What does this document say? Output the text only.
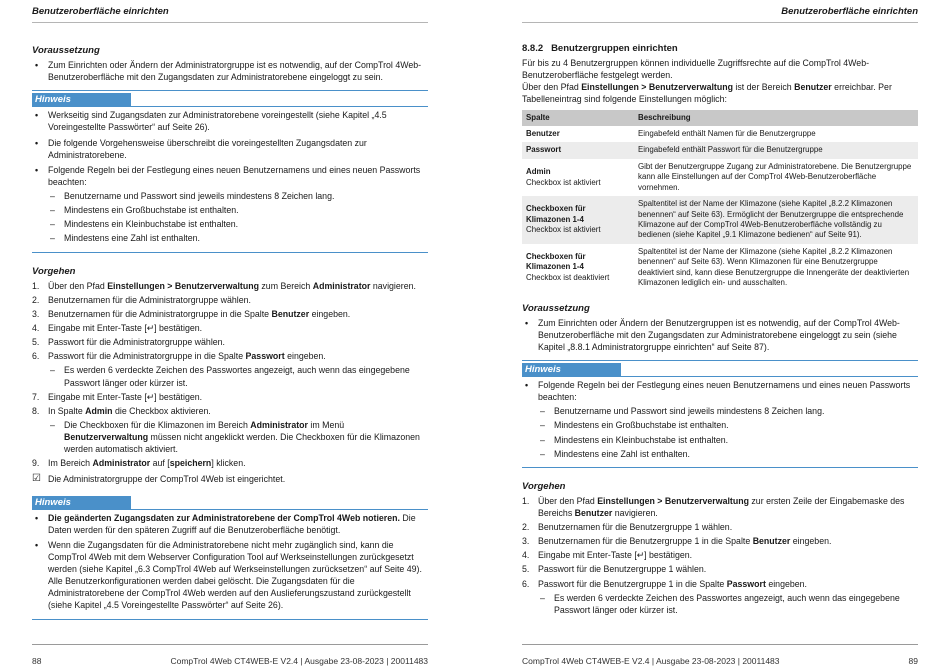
Benutzeroberfläche einrichten
Voraussetzung
• Zum Einrichten oder Ändern der Administratorgruppe ist es notwendig, auf der CompTrol 4Web-Benutzeroberfläche mit den Zugangsdaten zur Administratorebene eingeloggt zu sein.
Hinweis
• Werkseitig sind Zugangsdaten zur Administratorebene voreingestellt (siehe Kapitel „4.5 Voreingestellte Passwörter“ auf Seite 26).
• Die folgende Vorgehensweise überschreibt die voreingestellten Zugangsdaten zur Administratorebene.
• Folgende Regeln bei der Festlegung eines neuen Benutzernamens und eines neuen Passworts beachten:
– Benutzername und Passwort sind jeweils mindestens 8 Zeichen lang.
– Mindestens ein Großbuchstabe ist enthalten.
– Mindestens ein Kleinbuchstabe ist enthalten.
– Mindestens eine Zahl ist enthalten.
Vorgehen
1. Über den Pfad Einstellungen > Benutzerverwaltung zum Bereich Administrator navigieren.
2. Benutzernamen für die Administratorgruppe wählen.
3. Benutzernamen für die Administratorgruppe in die Spalte Benutzer eingeben.
4. Eingabe mit Enter-Taste [↵] bestätigen.
5. Passwort für die Administratorgruppe wählen.
6. Passwort für die Administratorgruppe in die Spalte Passwort eingeben.
– Es werden 6 verdeckte Zeichen des Passwortes angezeigt, auch wenn das eingegebene Passwort länger oder kürzer ist.
7. Eingabe mit Enter-Taste [↵] bestätigen.
8. In Spalte Admin die Checkbox aktivieren.
– Die Checkboxen für die Klimazonen im Bereich Administrator im Menü Benutzerverwaltung müssen nicht angeklickt werden. Die Checkboxen für die Klimazonen werden automatisch aktiviert.
9. Im Bereich Administrator auf [speichern] klicken.
☑ Die Administratorgruppe der CompTrol 4Web ist eingerichtet.
Hinweis
• Die geänderten Zugangsdaten zur Administratorebene der CompTrol 4Web notieren. Die Daten werden für den späteren Zugriff auf die Benutzeroberfläche benötigt.
• Wenn die Zugangsdaten für die Administratorebene nicht mehr zugänglich sind, kann die CompTrol 4Web mit dem Webserver Configuration Tool auf Werkseinstellungen zurückgesetzt werden (siehe Kapitel „6.3 CompTrol 4Web auf Werkseinstellungen zurücksetzen“ auf Seite 49). Alle Benutzerkonfigurationen werden dabei gelöscht. Die Zugangsdaten für die Administratorebene der CompTrol 4Web werden auf den Auslieferungszustand zurückgestellt (siehe Kapitel „4.5 Voreingestellte Passwörter“ auf Seite 26).
88	CompTrol 4Web CT4WEB-E V2.4 | Ausgabe 23-08-2023 | 20011483
Benutzeroberfläche einrichten
8.8.2 Benutzergruppen einrichten
Für bis zu 4 Benutzergruppen können individuelle Zugriffsrechte auf die CompTrol 4Web-Benutzeroberfläche festgelegt werden.
Über den Pfad Einstellungen > Benutzerverwaltung ist der Bereich Benutzer erreichbar. Per Tabelleneintrag sind folgende Einstellungen möglich:
Spalte	Beschreibung
Benutzer	Eingabefeld enthält Namen für die Benutzergruppe
Passwort	Eingabefeld enthält Passwort für die Benutzergruppe

Admin
Checkbox ist aktiviert	Gibt der Benutzergruppe Zugang zur Administratorebene. Die Benutzergruppe kann alle Einstellungen auf der CompTrol 4Web-Benutzeroberfläche vornehmen.

Checkboxen für Klimazonen 1-4
Checkbox ist aktiviert	Spaltentitel ist der Name der Klimazone (siehe Kapitel „8.2.2 Klimazonen benennen“ auf Seite 63). Ermöglicht der Benutzergruppe die entsprechende Klimazone auf der CompTrol 4Web-Benutzeroberfläche vollständig zu bedienen (siehe Kapitel „9.1 Klimazone bedienen“ auf Seite 91).

Checkboxen für Klimazonen 1-4
Checkbox ist deaktiviert	Spaltentitel ist der Name der Klimazone (siehe Kapitel „8.2.2 Klimazonen benennen“ auf Seite 63). Wenn Klimazonen für eine Benutzergruppe deaktiviert sind, kann diese Benutzergruppe die Innengeräte der deaktivierten Klimazonen lediglich ein- und ausschalten.
Voraussetzung
• Zum Einrichten oder Ändern der Benutzergruppen ist es notwendig, auf der CompTrol 4Web-Benutzeroberfläche mit den Zugangsdaten zur Administratorebene eingeloggt zu sein (siehe Kapitel „8.8.1 Administratorgruppe einrichten“ auf Seite 87).
Hinweis
• Folgende Regeln bei der Festlegung eines neuen Benutzernamens und eines neuen Passworts beachten:
– Benutzername und Passwort sind jeweils mindestens 8 Zeichen lang.
– Mindestens ein Großbuchstabe ist enthalten.
– Mindestens ein Kleinbuchstabe ist enthalten.
– Mindestens eine Zahl ist enthalten.
Vorgehen
1. Über den Pfad Einstellungen > Benutzerverwaltung zur ersten Zeile der Eingabemaske des Bereichs Benutzer navigieren.
2. Benutzernamen für die Benutzergruppe 1 wählen.
3. Benutzernamen für die Benutzergruppe 1 in die Spalte Benutzer eingeben.
4. Eingabe mit Enter-Taste [↵] bestätigen.
5. Passwort für die Benutzergruppe 1 wählen.
6. Passwort für die Benutzergruppe 1 in die Spalte Passwort eingeben.
– Es werden 6 verdeckte Zeichen des Passwortes angezeigt, auch wenn das eingegebene Passwort länger oder kürzer ist.
CompTrol 4Web CT4WEB-E V2.4 | Ausgabe 23-08-2023 | 20011483	89
